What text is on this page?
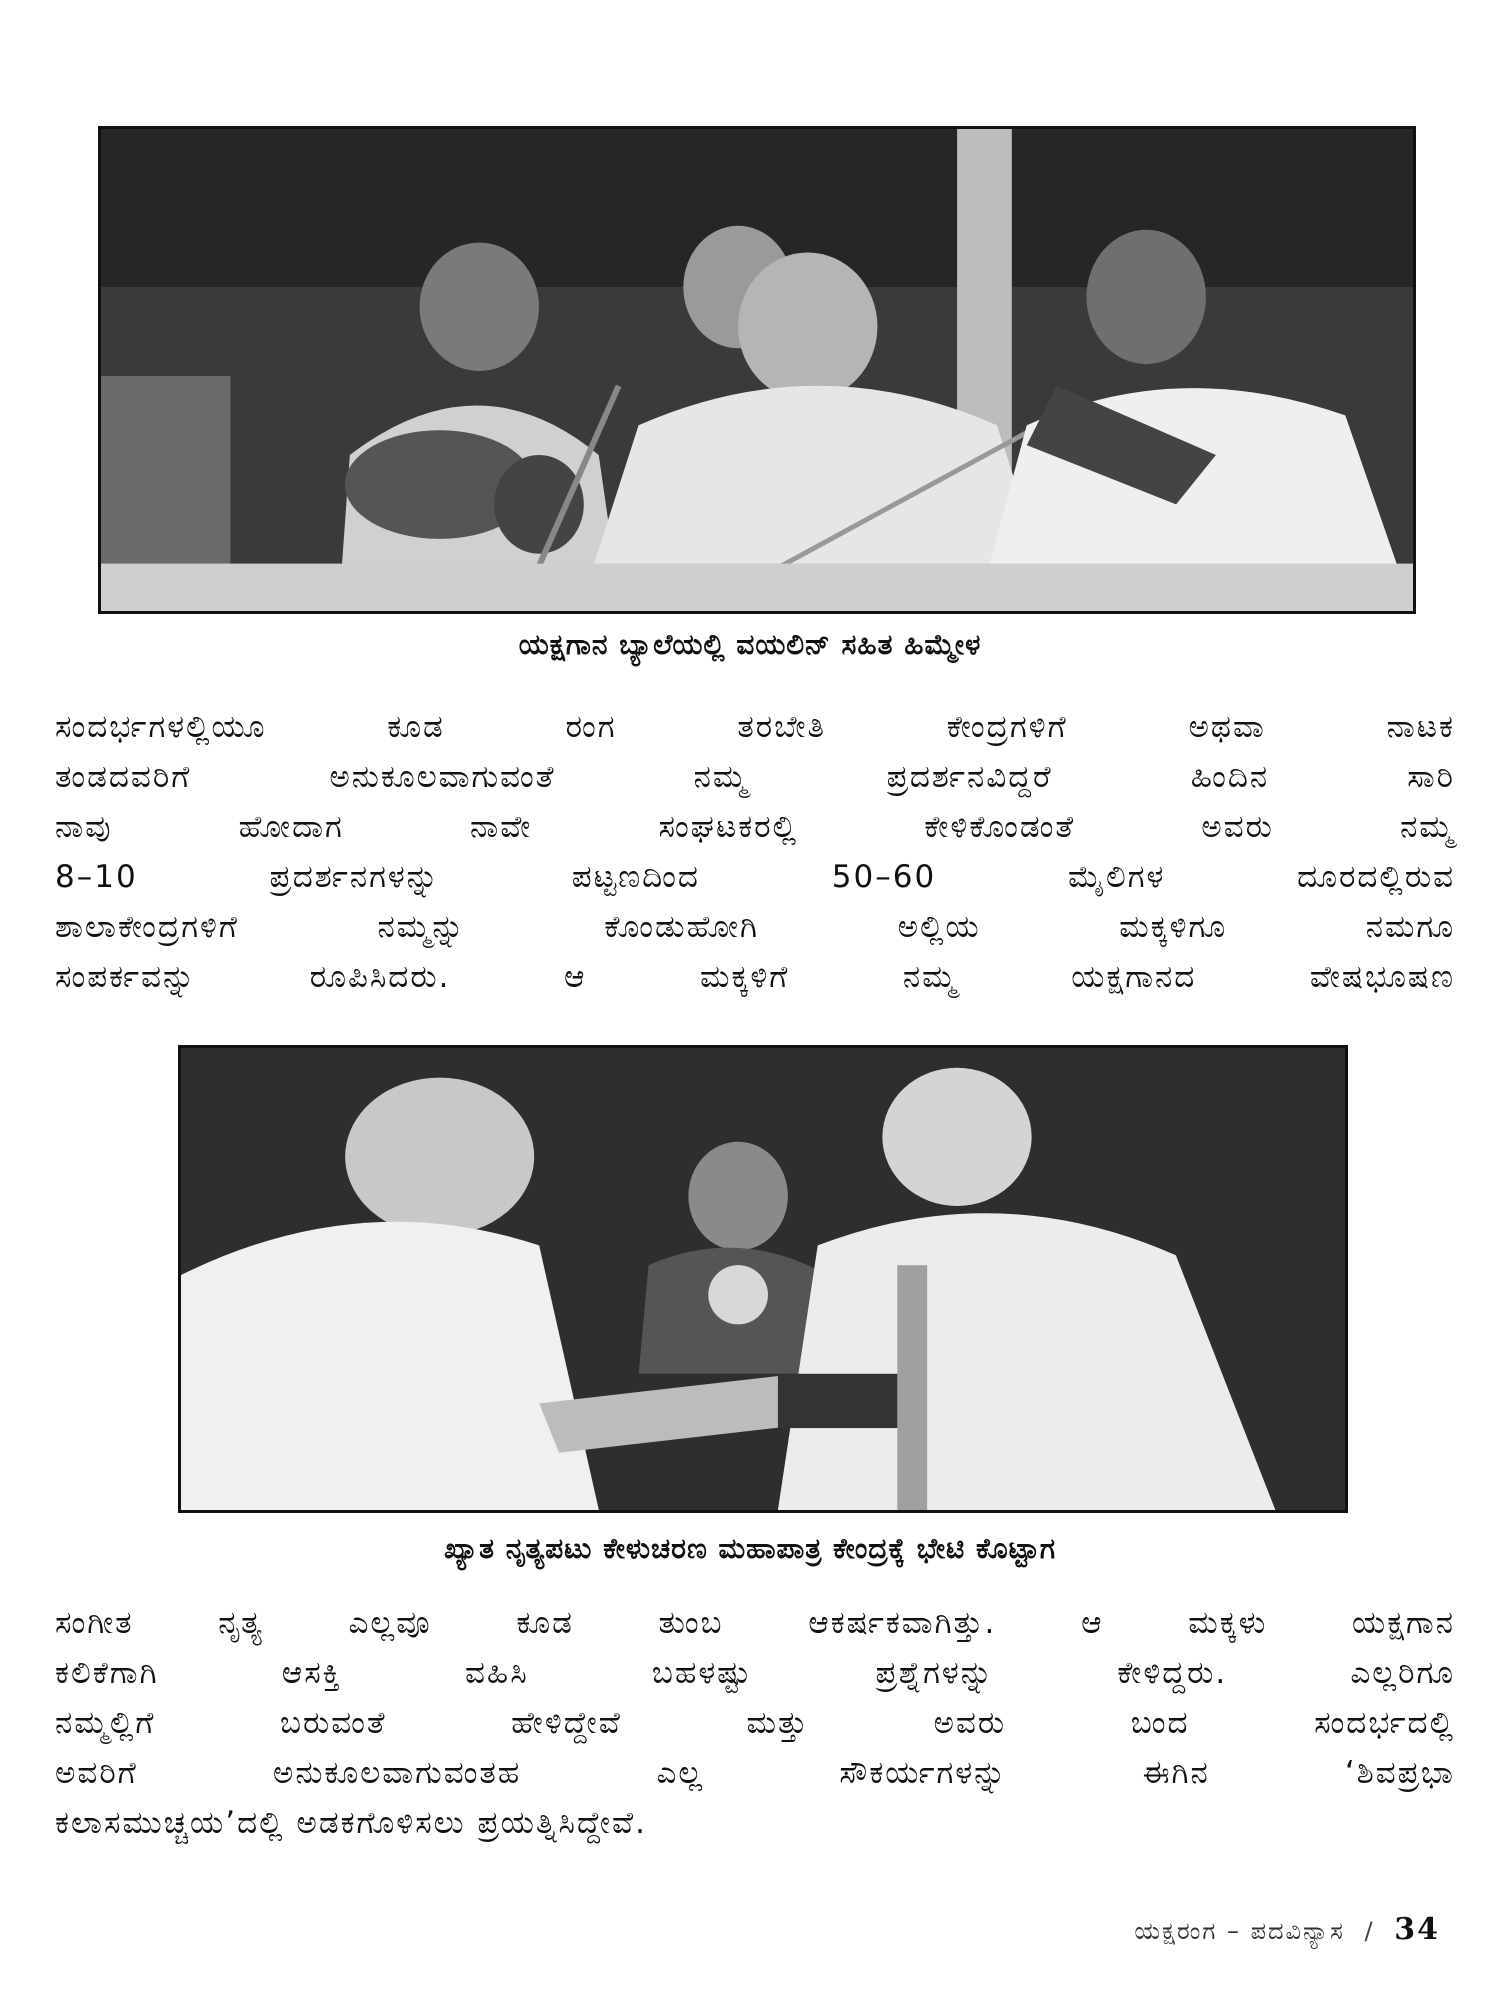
ಯಕ್ಷಗಾನ ಬ್ಯಾಲೆಯಲ್ಲಿ ವಯಲಿನ್ ಸಹಿತ ಹಿಮ್ಮೇಳ
ಸಂದರ್ಭಗಳಲ್ಲಿಯೂ ಕೂಡ ರಂಗ ತರಬೇತಿ ಕೇಂದ್ರಗಳಿಗೆ ಅಥವಾ ನಾಟಕ
ತಂಡದವರಿಗೆ ಅನುಕೂಲವಾಗುವಂತೆ ನಮ್ಮ ಪ್ರದರ್ಶನವಿದ್ದರೆ ಹಿಂದಿನ ಸಾರಿ
ನಾವು ಹೋದಾಗ ನಾವೇ ಸಂಘಟಕರಲ್ಲಿ ಕೇಳಿಕೊಂಡಂತೆ ಅವರು ನಮ್ಮ
8–10 ಪ್ರದರ್ಶನಗಳನ್ನು ಪಟ್ಟಣದಿಂದ 50–60 ಮೈಲಿಗಳ ದೂರದಲ್ಲಿರುವ
ಶಾಲಾಕೇಂದ್ರಗಳಿಗೆ ನಮ್ಮನ್ನು ಕೊಂಡುಹೋಗಿ ಅಲ್ಲಿಯ ಮಕ್ಕಳಿಗೂ ನಮಗೂ
ಸಂಪರ್ಕವನ್ನು ರೂಪಿಸಿದರು. ಆ ಮಕ್ಕಳಿಗೆ ನಮ್ಮ ಯಕ್ಷಗಾನದ ವೇಷಭೂಷಣ
ಖ್ಯಾತ ನೃತ್ಯಪಟು ಕೇಳುಚರಣ ಮಹಾಪಾತ್ರ ಕೇಂದ್ರಕ್ಕೆ ಭೇಟಿ ಕೊಟ್ಟಾಗ
ಸಂಗೀತ ನೃತ್ಯ ಎಲ್ಲವೂ ಕೂಡ ತುಂಬ ಆಕರ್ಷಕವಾಗಿತ್ತು. ಆ ಮಕ್ಕಳು ಯಕ್ಷಗಾನ
ಕಲಿಕೆಗಾಗಿ ಆಸಕ್ತಿ ವಹಿಸಿ ಬಹಳಷ್ಟು ಪ್ರಶ್ನೆಗಳನ್ನು ಕೇಳಿದ್ದರು. ಎಲ್ಲರಿಗೂ
ನಮ್ಮಲ್ಲಿಗೆ ಬರುವಂತೆ ಹೇಳಿದ್ದೇವೆ ಮತ್ತು ಅವರು ಬಂದ ಸಂದರ್ಭದಲ್ಲಿ
ಅವರಿಗೆ ಅನುಕೂಲವಾಗುವಂತಹ ಎಲ್ಲ ಸೌಕರ್ಯಗಳನ್ನು ಈಗಿನ ‘ಶಿವಪ್ರಭಾ
ಕಲಾಸಮುಚ್ಚಯ’ದಲ್ಲಿ ಅಡಕಗೊಳಿಸಲು ಪ್ರಯತ್ನಿಸಿದ್ದೇವೆ.
ಯಕ್ಷರಂಗ – ಪದವಿನ್ಯಾಸ / 34
